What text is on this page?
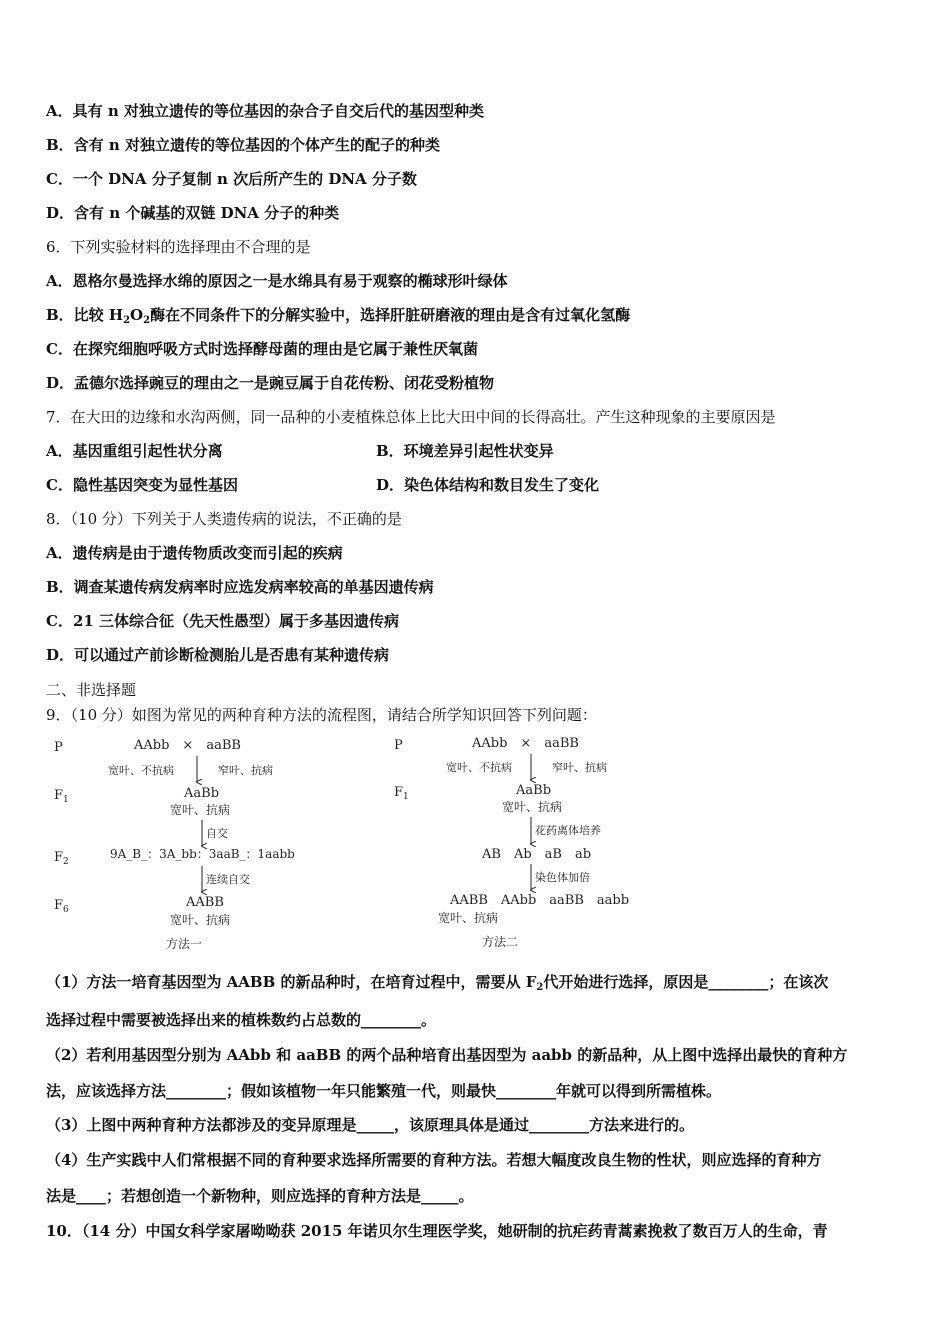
A．具有 n 对独立遗传的等位基因的杂合子自交后代的基因型种类
B．含有 n 对独立遗传的等位基因的个体产生的配子的种类
C．一个 DNA 分子复制 n 次后所产生的 DNA 分子数
D．含有 n 个碱基的双链 DNA 分子的种类
6．下列实验材料的选择理由不合理的是
A．恩格尔曼选择水绵的原因之一是水绵具有易于观察的椭球形叶绿体
B．比较 $H_2O_2$酶在不同条件下的分解实验中，选择肝脏研磨液的理由是含有过氧化氢酶
C．在探究细胞呼吸方式时选择酵母菌的理由是它属于兼性厌氧菌
D．孟德尔选择豌豆的理由之一是豌豆属于自花传粉、闭花受粉植物
7．在大田的边缘和水沟两侧，同一品种的小麦植株总体上比大田中间的长得高壮。产生这种现象的主要原因是
A．基因重组引起性状分离	B．环境差异引起性状变异
C．隐性基因突变为显性基因	D．染色体结构和数目发生了变化
8．（10 分）下列关于人类遗传病的说法，不正确的是
A．遗传病是由于遗传物质改变而引起的疾病
B．调查某遗传病发病率时应选发病率较高的单基因遗传病
C．21 三体综合征（先天性愚型）属于多基因遗传病
D．可以通过产前诊断检测胎儿是否患有某种遗传病
二、非选择题
9．（10 分）如图为常见的两种育种方法的流程图，请结合所学知识回答下列问题：
P	AAbb　×　aaBB
宽叶、不抗病	窄叶、抗病
$F_1$	AaBb
宽叶、抗病
自交
$F_2$
9A_B_：3A_bb：3aaB_：1aabb
连续自交
$F_6$	AABB
宽叶、抗病
方法一
P	AAbb　×　aaBB
宽叶、不抗病	窄叶、抗病
$F_1$	AaBb
宽叶、抗病
花药离体培养
AB　Ab　aB　ab
染色体加倍
AABB　AAbb　aaBB　aabb
宽叶、抗病
方法二
（1）方法一培育基因型为 AABB 的新品种时，在培育过程中，需要从 $F_2$代开始进行选择，原因是________；在该次
选择过程中需要被选择出来的植株数约占总数的________。
（2）若利用基因型分别为 AAbb 和 aaBB 的两个品种培育出基因型为 aabb 的新品种，从上图中选择出最快的育种方
法，应该选择方法________；假如该植物一年只能繁殖一代，则最快________年就可以得到所需植株。
（3）上图中两种育种方法都涉及的变异原理是_____，该原理具体是通过________方法来进行的。
（4）生产实践中人们常根据不同的育种要求选择所需要的育种方法。若想大幅度改良生物的性状，则应选择的育种方
法是____；若想创造一个新物种，则应选择的育种方法是_____。
10．（14 分）中国女科学家屠呦呦获 2015 年诺贝尔生理医学奖，她研制的抗疟药青蒿素挽救了数百万人的生命，青
